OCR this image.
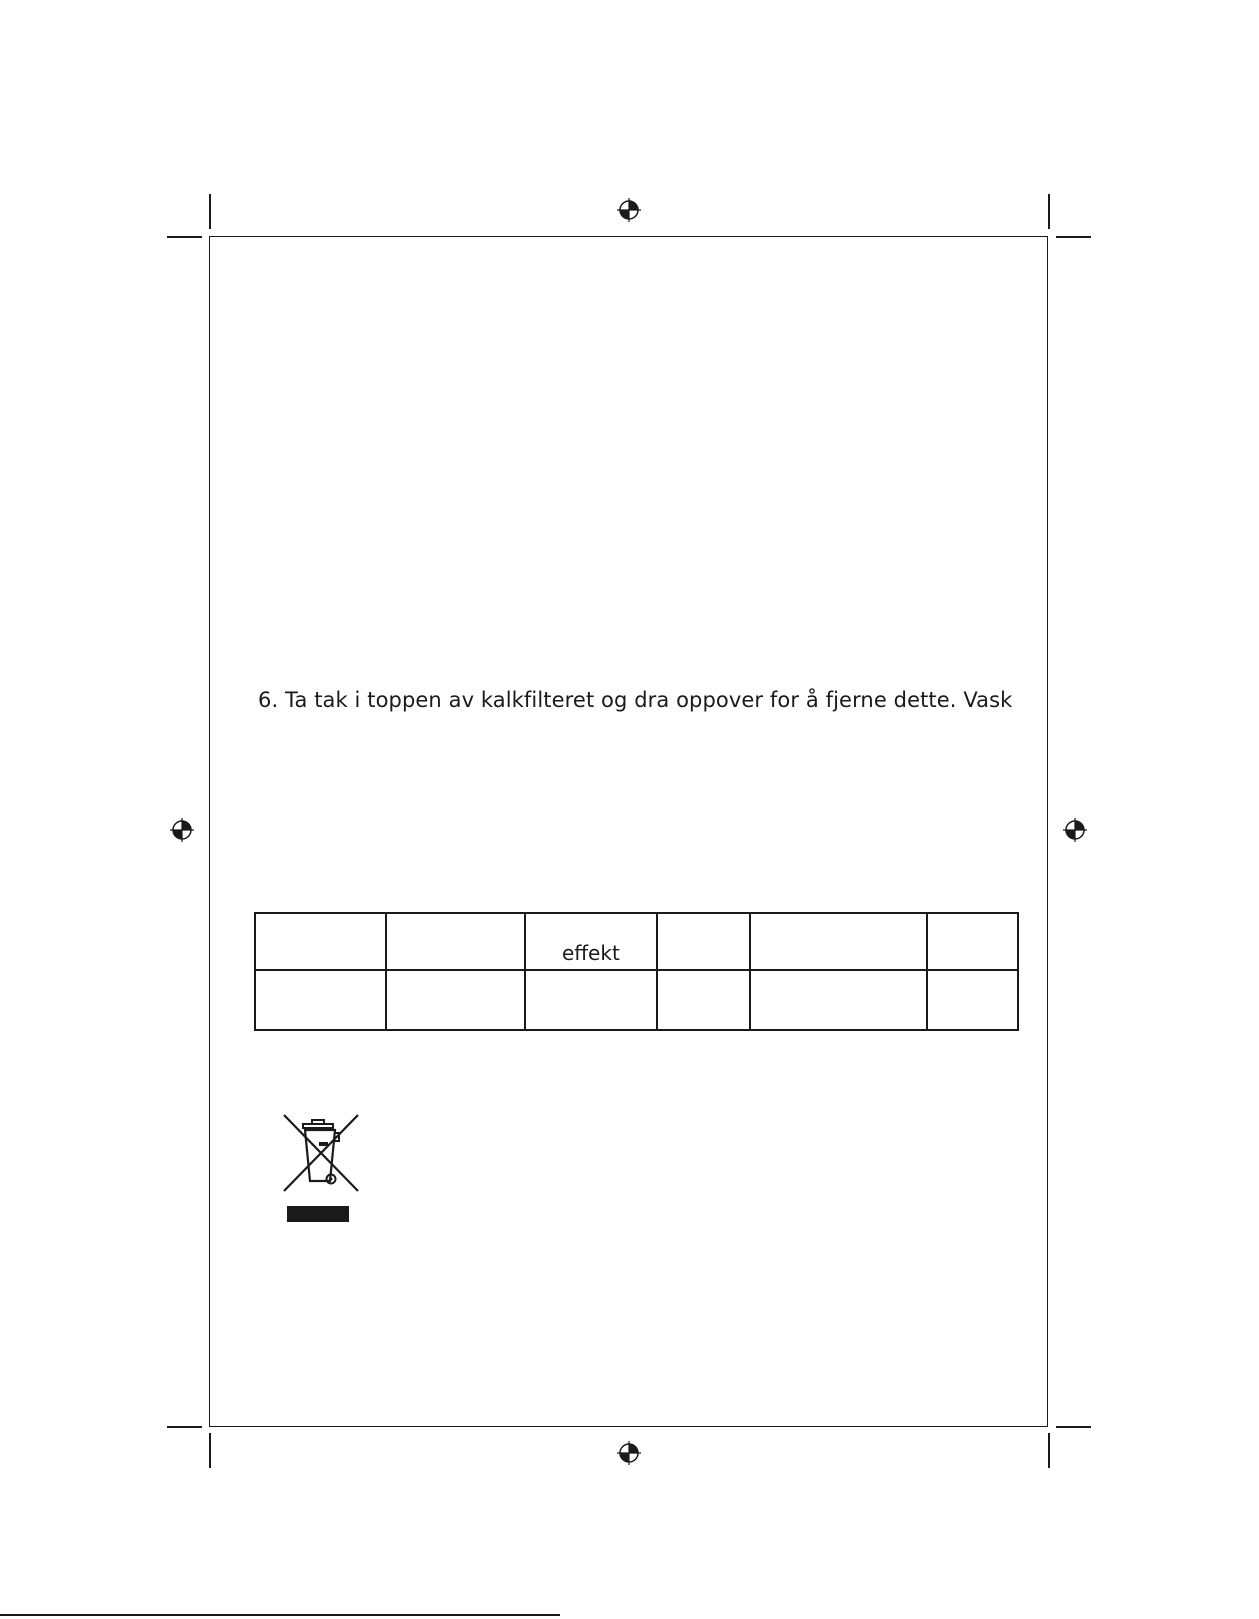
6. Ta tak i toppen av kalkfilteret og dra oppover for å fjerne dette. Vask
		effekt			
